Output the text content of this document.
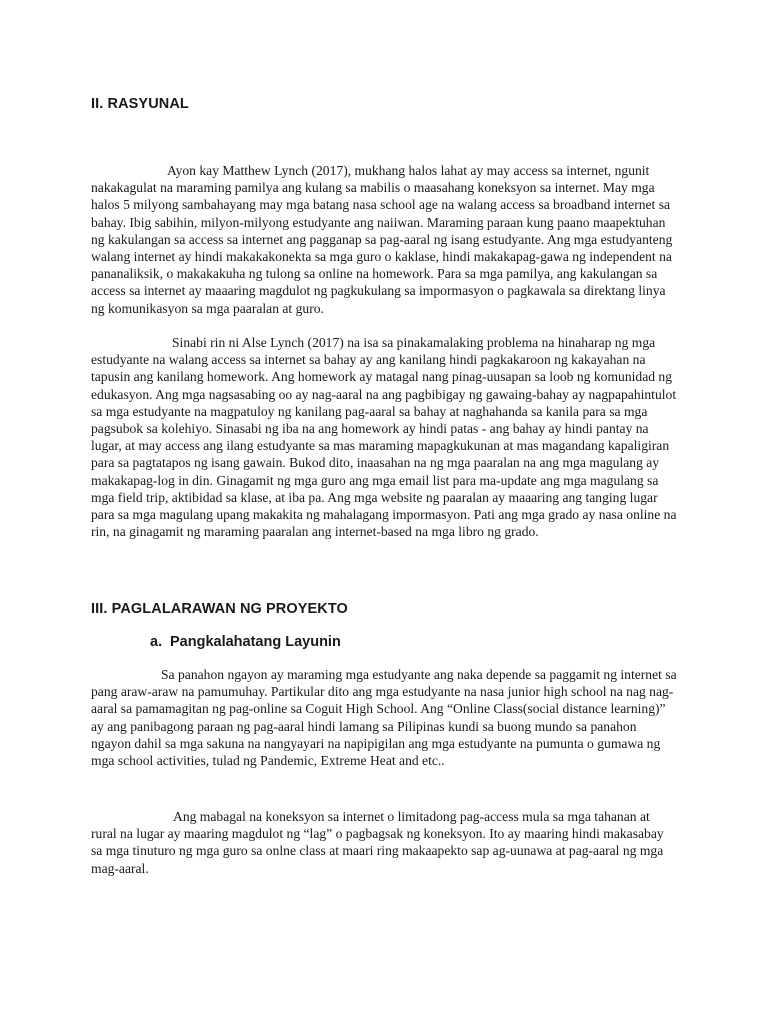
II. RASYUNAL

Ayon kay Matthew Lynch (2017), mukhang halos lahat ay may access sa internet, ngunit nakakagulat na maraming pamilya ang kulang sa mabilis o maasahang koneksyon sa internet. May mga halos 5 milyong sambahayang may mga batang nasa school age na walang access sa broadband internet sa bahay. Ibig sabihin, milyon-milyong estudyante ang naiiwan. Maraming paraan kung paano maapektuhan ng kakulangan sa access sa internet ang pagganap sa pag-aaral ng isang estudyante. Ang mga estudyanteng walang internet ay hindi makakakonekta sa mga guro o kaklase, hindi makakapag-gawa ng independent na pananaliksik, o makakakuha ng tulong sa online na homework. Para sa mga pamilya, ang kakulangan sa access sa internet ay maaaring magdulot ng pagkukulang sa impormasyon o pagkawala sa direktang linya ng komunikasyon sa mga paaralan at guro.

Sinabi rin ni Alse Lynch (2017) na isa sa pinakamalaking problema na hinaharap ng mga estudyante na walang access sa internet sa bahay ay ang kanilang hindi pagkakaroon ng kakayahan na tapusin ang kanilang homework. Ang homework ay matagal nang pinag-uusapan sa loob ng komunidad ng edukasyon. Ang mga nagsasabing oo ay nag-aaral na ang pagbibigay ng gawaing-bahay ay nagpapahintulot sa mga estudyante na magpatuloy ng kanilang pag-aaral sa bahay at naghahanda sa kanila para sa mga pagsubok sa kolehiyo. Sinasabi ng iba na ang homework ay hindi patas - ang bahay ay hindi pantay na lugar, at may access ang ilang estudyante sa mas maraming mapagkukunan at mas magandang kapaligiran para sa pagtatapos ng isang gawain. Bukod dito, inaasahan na ng mga paaralan na ang mga magulang ay makakapag-log in din. Ginagamit ng mga guro ang mga email list para ma-update ang mga magulang sa mga field trip, aktibidad sa klase, at iba pa. Ang mga website ng paaralan ay maaaring ang tanging lugar para sa mga magulang upang makakita ng mahalagang impormasyon. Pati ang mga grado ay nasa online na rin, na ginagamit ng maraming paaralan ang internet-based na mga libro ng grado.

III. PAGLALARAWAN NG PROYEKTO
a. Pangkalahatang Layunin

Sa panahon ngayon ay maraming mga estudyante ang naka depende sa paggamit ng internet sa pang araw-araw na pamumuhay. Partikular dito ang mga estudyante na nasa junior high school na nag nag-aaral sa pamamagitan ng pag-online sa Coguit High School. Ang “Online Class(social distance learning)” ay ang panibagong paraan ng pag-aaral hindi lamang sa Pilipinas kundi sa buong mundo sa panahon ngayon dahil sa mga sakuna na nangyayari na napipigilan ang mga estudyante na pumunta o gumawa ng mga school activities, tulad ng Pandemic, Extreme Heat and etc..

Ang mabagal na koneksyon sa internet o limitadong pag-access mula sa mga tahanan at rural na lugar ay maaring magdulot ng “lag” o pagbagsak ng koneksyon. Ito ay maaring hindi makasabay sa mga tinuturo ng mga guro sa onlne class at maari ring makaapekto sap ag-uunawa at pag-aaral ng mga mag-aaral.
